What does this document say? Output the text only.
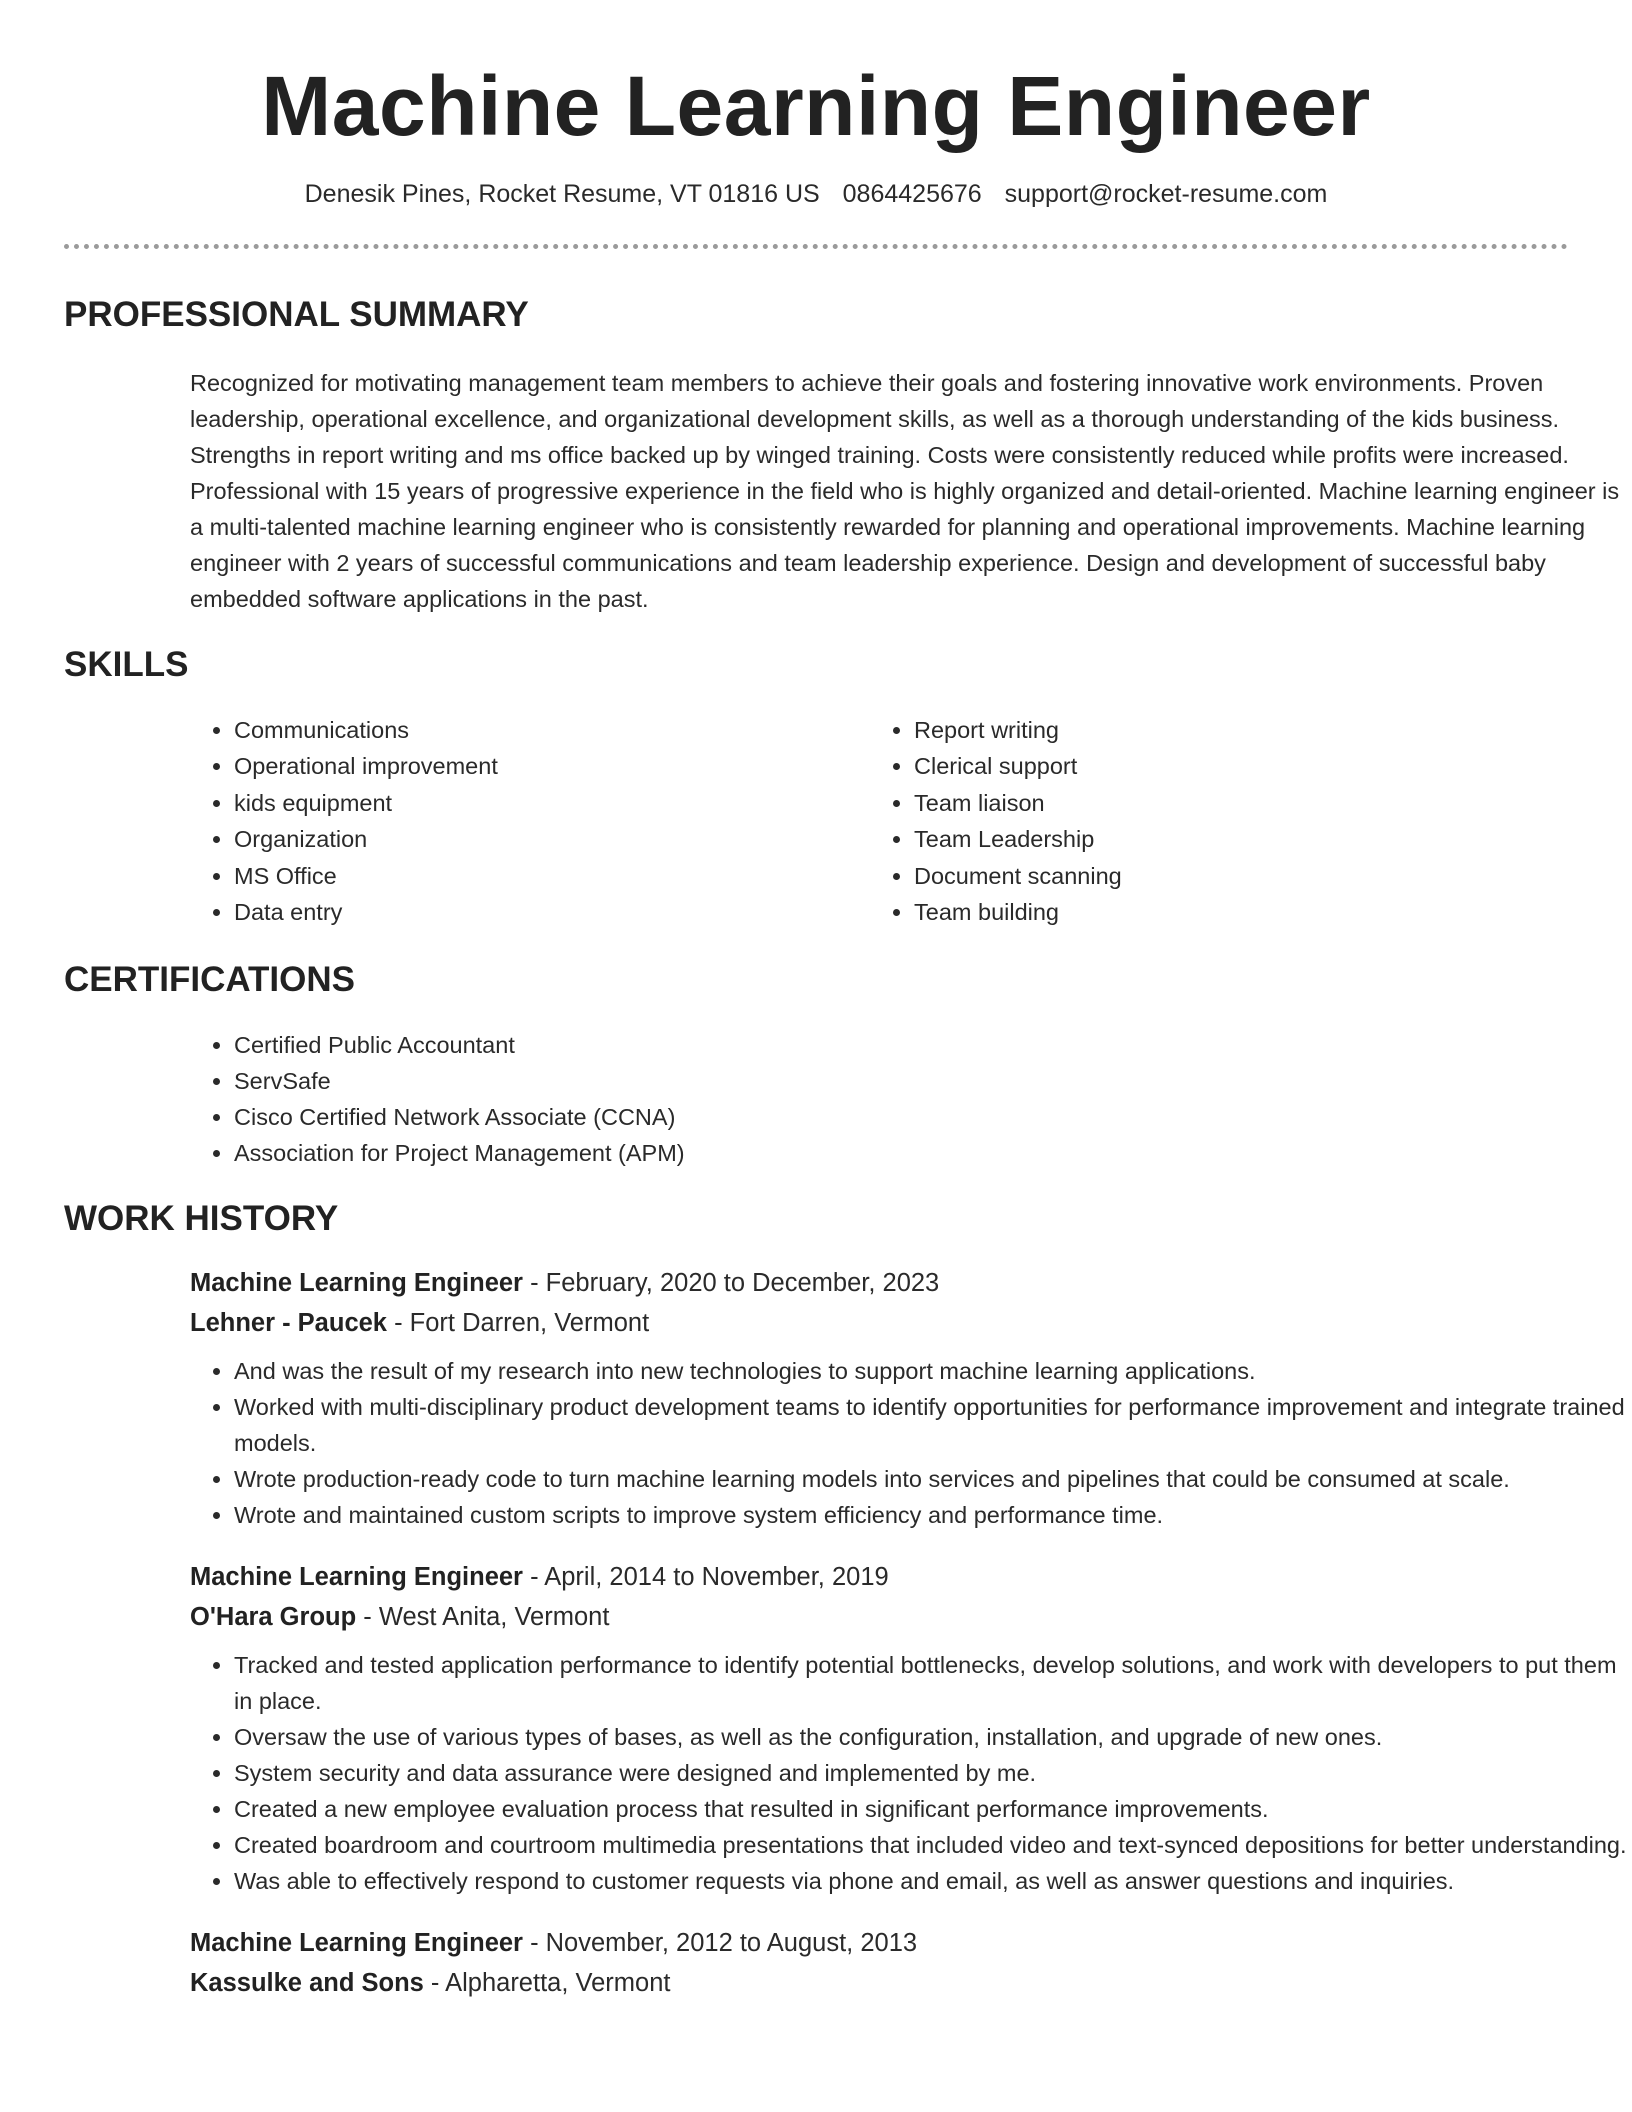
Machine Learning Engineer
Denesik Pines, Rocket Resume, VT 01816 US 0864425676 support@rocket-resume.com
PROFESSIONAL SUMMARY
Recognized for motivating management team members to achieve their goals and fostering innovative work environments. Proven leadership, operational excellence, and organizational development skills, as well as a thorough understanding of the kids business. Strengths in report writing and ms office backed up by winged training. Costs were consistently reduced while profits were increased. Professional with 15 years of progressive experience in the field who is highly organized and detail-oriented. Machine learning engineer is a multi-talented machine learning engineer who is consistently rewarded for planning and operational improvements. Machine learning engineer with 2 years of successful communications and team leadership experience. Design and development of successful baby embedded software applications in the past.
SKILLS
• Communications
• Operational improvement
• kids equipment
• Organization
• MS Office
• Data entry
• Report writing
• Clerical support
• Team liaison
• Team Leadership
• Document scanning
• Team building
CERTIFICATIONS
• Certified Public Accountant
• ServSafe
• Cisco Certified Network Associate (CCNA)
• Association for Project Management (APM)
WORK HISTORY
Machine Learning Engineer - February, 2020 to December, 2023
Lehner - Paucek - Fort Darren, Vermont
• And was the result of my research into new technologies to support machine learning applications.
• Worked with multi-disciplinary product development teams to identify opportunities for performance improvement and integrate trained models.
• Wrote production-ready code to turn machine learning models into services and pipelines that could be consumed at scale.
• Wrote and maintained custom scripts to improve system efficiency and performance time.
Machine Learning Engineer - April, 2014 to November, 2019
O'Hara Group - West Anita, Vermont
• Tracked and tested application performance to identify potential bottlenecks, develop solutions, and work with developers to put them in place.
• Oversaw the use of various types of bases, as well as the configuration, installation, and upgrade of new ones.
• System security and data assurance were designed and implemented by me.
• Created a new employee evaluation process that resulted in significant performance improvements.
• Created boardroom and courtroom multimedia presentations that included video and text-synced depositions for better understanding.
• Was able to effectively respond to customer requests via phone and email, as well as answer questions and inquiries.
Machine Learning Engineer - November, 2012 to August, 2013
Kassulke and Sons - Alpharetta, Vermont
